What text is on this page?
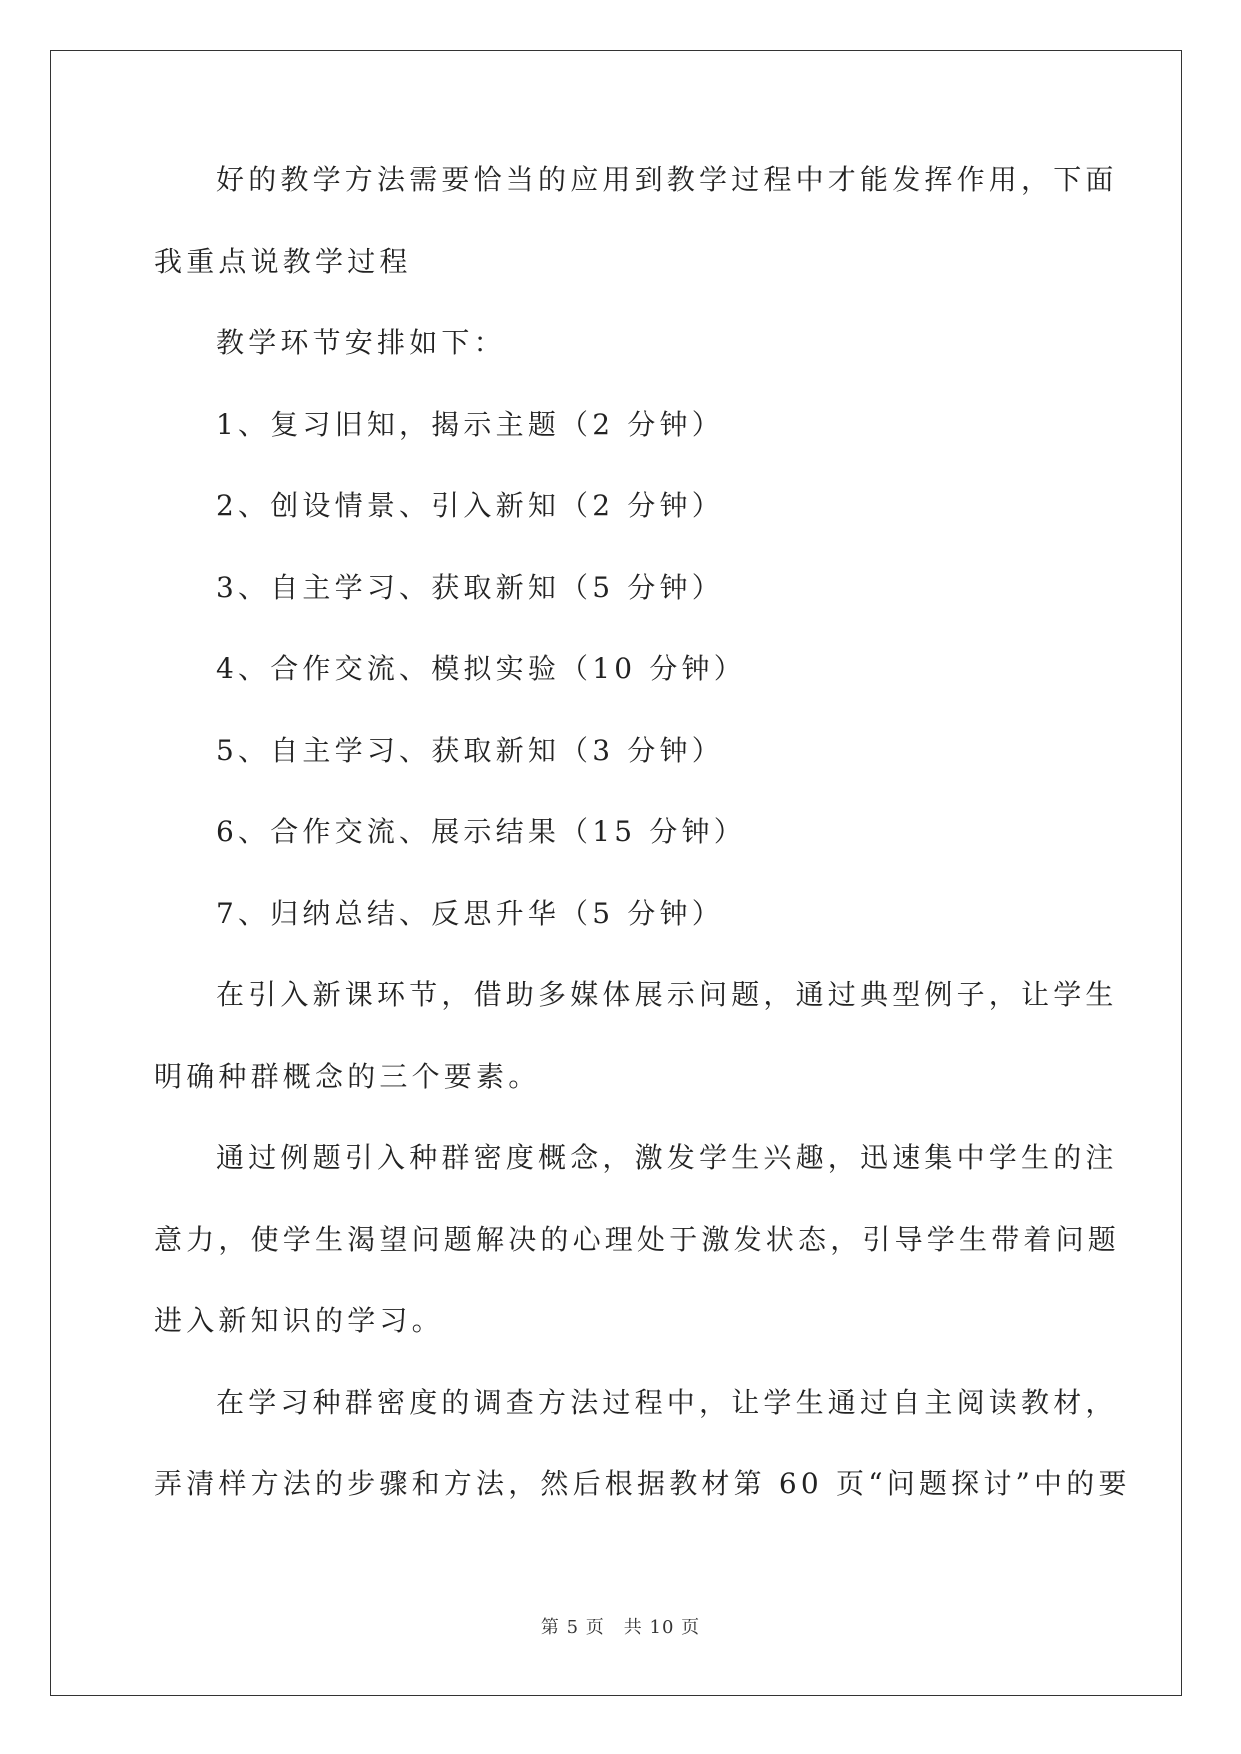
好的教学方法需要恰当的应用到教学过程中才能发挥作用，下面
我重点说教学过程
教学环节安排如下：
1、复习旧知，揭示主题（2 分钟）
2、创设情景、引入新知（2 分钟）
3、自主学习、获取新知（5 分钟）
4、合作交流、模拟实验（10 分钟）
5、自主学习、获取新知（3 分钟）
6、合作交流、展示结果（15 分钟）
7、归纳总结、反思升华（5 分钟）
在引入新课环节，借助多媒体展示问题，通过典型例子，让学生
明确种群概念的三个要素。
通过例题引入种群密度概念，激发学生兴趣，迅速集中学生的注
意力，使学生渴望问题解决的心理处于激发状态，引导学生带着问题
进入新知识的学习。
在学习种群密度的调查方法过程中，让学生通过自主阅读教材，
弄清样方法的步骤和方法，然后根据教材第 60 页“问题探讨”中的要
第 5 页　共 10 页
